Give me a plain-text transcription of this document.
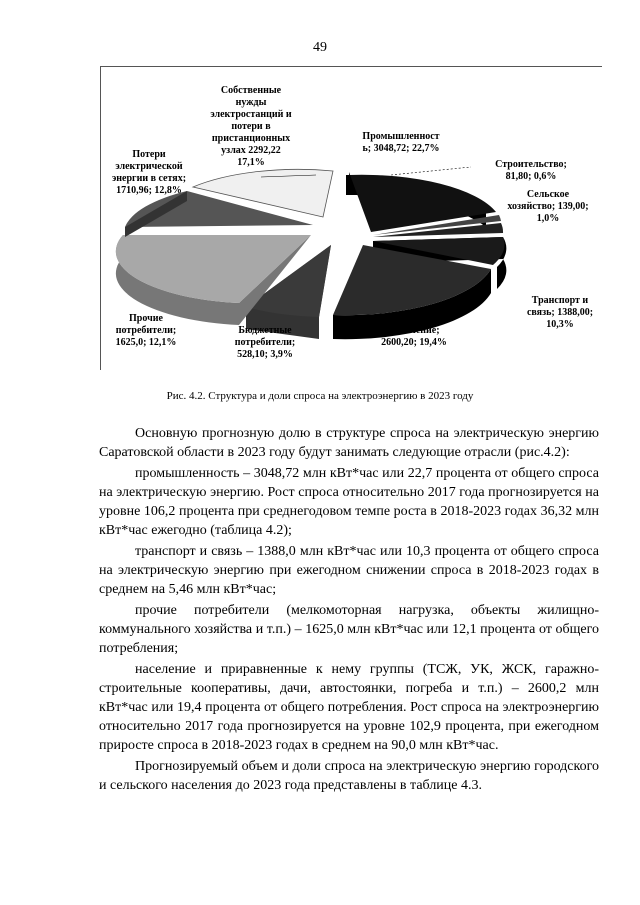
49
Собственные
нужды
электростанций и
потери в
пристанционных
узлах 2292,22
17,1%
Промышленност
ь; 3048,72; 22,7%
Строительство;
81,80; 0,6%
Сельское
хозяйство; 139,00;
1,0%
Транспорт и
связь; 1388,00;
10,3%
Население;
2600,20; 19,4%
Бюджетные
потребители;
528,10; 3,9%
Прочие
потребители;
1625,0; 12,1%
Потери
электрической
энергии в сетях;
1710,96; 12,8%
Рис. 4.2. Структура и доли спроса на электроэнергию в 2023 году

Основную прогнозную долю в структуре спроса на электрическую энергию Саратовской области в 2023 году будут занимать следующие отрасли (рис.4.2):

промышленность – 3048,72 млн кВт*час или 22,7 процента от общего спроса на электрическую энергию. Рост спроса относительно 2017 года прогнозируется на уровне 106,2 процента при среднегодовом темпе роста в 2018-2023 годах 36,32 млн кВт*час ежегодно (таблица 4.2);

транспорт и связь – 1388,0 млн кВт*час или 10,3 процента от общего спроса на электрическую энергию при ежегодном снижении спроса в 2018-2023 годах в среднем на 5,46 млн кВт*час;

прочие потребители (мелкомоторная нагрузка, объекты жилищно-коммунального хозяйства и т.п.) – 1625,0 млн кВт*час или 12,1 процента от общего потребления;

население и приравненные к нему группы (ТСЖ, УК, ЖСК, гаражно-строительные кооперативы, дачи, автостоянки, погреба и т.п.) – 2600,2 млн кВт*час или 19,4 процента от общего потребления. Рост спроса на электроэнергию относительно 2017 года прогнозируется на уровне 102,9 процента, при ежегодном приросте спроса в 2018-2023 годах в среднем на 90,0 млн кВт*час.

Прогнозируемый объем и доли спроса на электрическую энергию городского и сельского населения до 2023 года представлены в таблице 4.3.
